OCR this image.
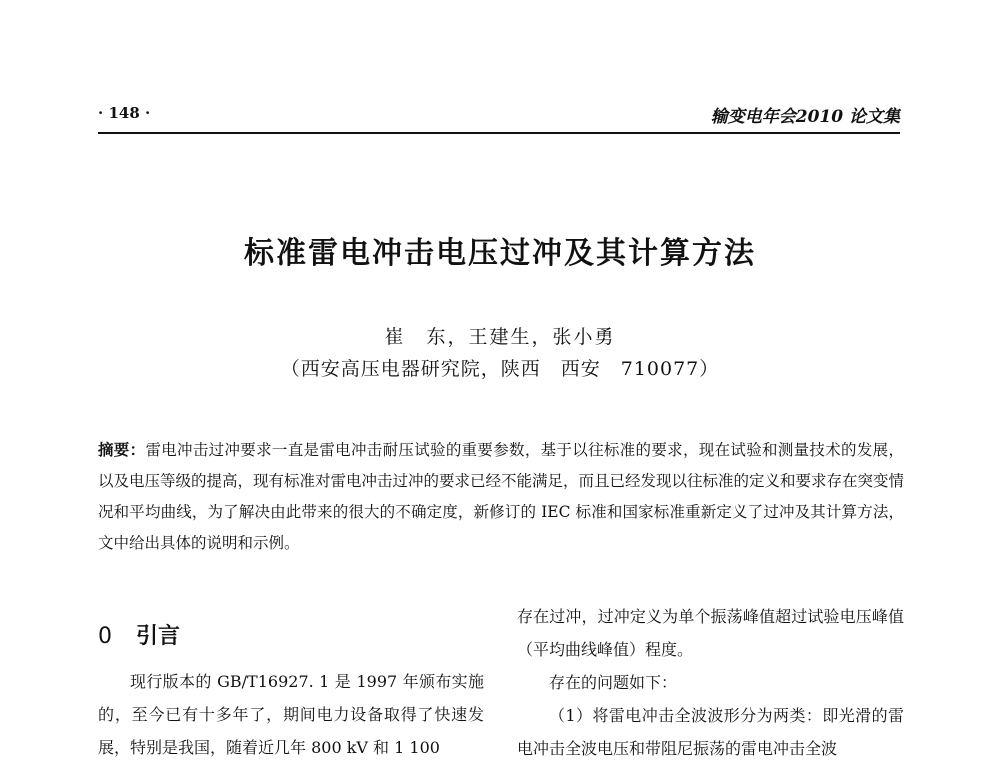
· 148 ·	输变电年会2010 论文集
标准雷电冲击电压过冲及其计算方法
崔　东，王建生，张小勇
（西安高压电器研究院，陕西　西安　710077）
摘要：雷电冲击过冲要求一直是雷电冲击耐压试验的重要参数，基于以往标准的要求，现在试验和测量技术的发展，以及电压等级的提高，现有标准对雷电冲击过冲的要求已经不能满足，而且已经发现以往标准的定义和要求存在突变情况和平均曲线，为了解决由此带来的很大的不确定度，新修订的 IEC 标准和国家标准重新定义了过冲及其计算方法，文中给出具体的说明和示例。
0 引言

现行版本的 GB/T16927. 1 是 1997 年颁布实施的，至今已有十多年了，期间电力设备取得了快速发展，特别是我国，随着近几年 800 kV 和 1 100

存在过冲，过冲定义为单个振荡峰值超过试验电压峰值（平均曲线峰值）程度。

存在的问题如下：

（1）将雷电冲击全波波形分为两类：即光滑的雷电冲击全波电压和带阻尼振荡的雷电冲击全波
